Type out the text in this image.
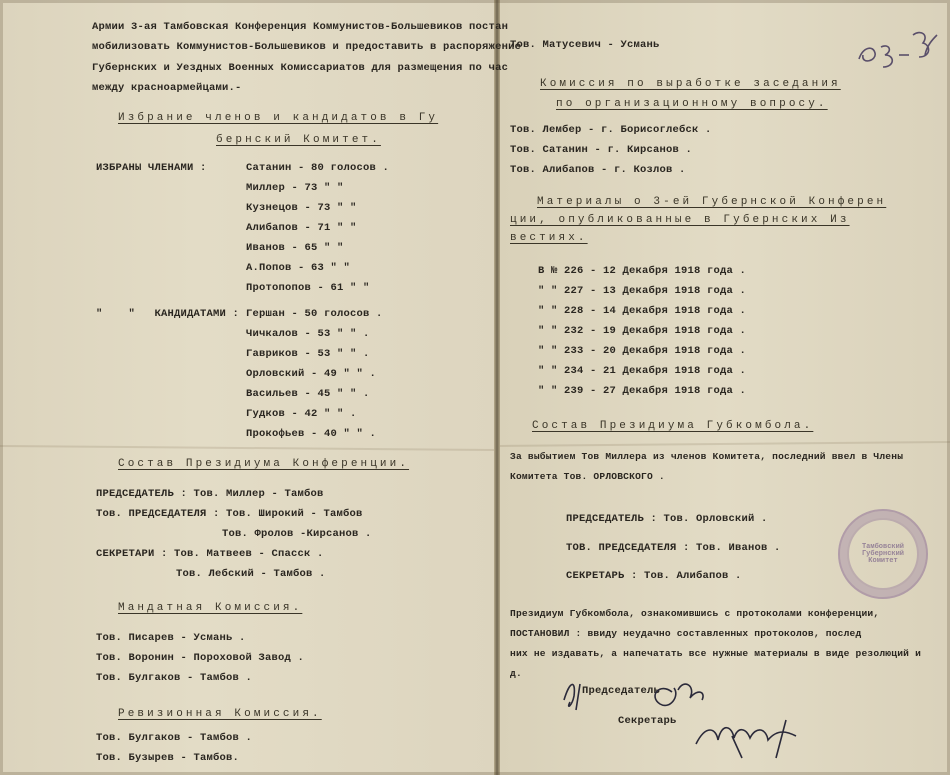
Армии 3-ая Тамбовская Конференция Коммунистов-Большевиков постан
мобилизовать Коммунистов-Большевиков и предоставить в распоряжение
Губернских и Уездных Военных Комиссариатов для размещения по час
между красноармейцами.-
Избрание членов и кандидатов в Гу
бернский Комитет.
ИЗБРАНЫ ЧЛЕНАМИ :	Сатанин - 80 голосов .
Миллер - 73 " "
Кузнецов - 73 " "
Алибапов - 71 " "
Иванов - 65 " "
А.Попов - 63 " "
Протопопов - 61 " "
"    "   КАНДИДАТАМИ : Гершан - 50 голосов .
Чичкалов - 53 " " .
Гавриков - 53 " " .
Орловский - 49 " " .
Васильев - 45 " " .
Гудков - 42 " " .
Прокофьев - 40 " " .
Состав Президиума Конференции.
ПРЕДСЕДАТЕЛЬ : Тов. Миллер - Тамбов
Тов. ПРЕДСЕДАТЕЛЯ : Тов. Широкий - Тамбов
Тов. Фролов -Кирсанов .
СЕКРЕТАРИ : Тов. Матвеев - Спасск .
Тов. Лебский - Тамбов .
Мандатная Комиссия.
Тов. Писарев - Усмань .
Тов. Воронин - Пороховой Завод .
Тов. Булгаков - Тамбов .
Ревизионная Комиссия.
Тов. Булгаков - Тамбов .
Тов. Бузырев - Тамбов.

Тов. Матусевич - Усмань
Комиссия по выработке заседания
по организационному вопросу.
Тов. Лембер - г. Борисоглебск .
Тов. Сатанин - г. Кирсанов .
Тов. Алибапов - г. Козлов .
Материалы о 3-ей Губернской Конферен
ции, опубликованные в Губернских Из
вестиях.
В № 226 - 12 Декабря 1918 года .
" " 227 - 13 Декабря 1918 года .
" " 228 - 14 Декабря 1918 года .
" " 232 - 19 Декабря 1918 года .
" " 233 - 20 Декабря 1918 года .
" " 234 - 21 Декабря 1918 года .
" " 239 - 27 Декабря 1918 года .
Состав Президиума Губкомбола.
За выбытием Тов Миллера из членов Комитета, последний ввел в Члены
Комитета Тов. ОРЛОВСКОГО .
ПРЕДСЕДАТЕЛЬ : Тов. Орловский .
ТОВ. ПРЕДСЕДАТЕЛЯ : Тов. Иванов .
СЕКРЕТАРЬ : Тов. Алибапов .
Президиум Губкомбола, ознакомившись с протоколами конференции,
ПОСТАНОВИЛ : ввиду неудачно составленных протоколов, послед
них не издавать, а напечатать все нужные материалы в виде резолюций и
д.
Председатель
Секретарь
Тамбовский Губернский Комитет
